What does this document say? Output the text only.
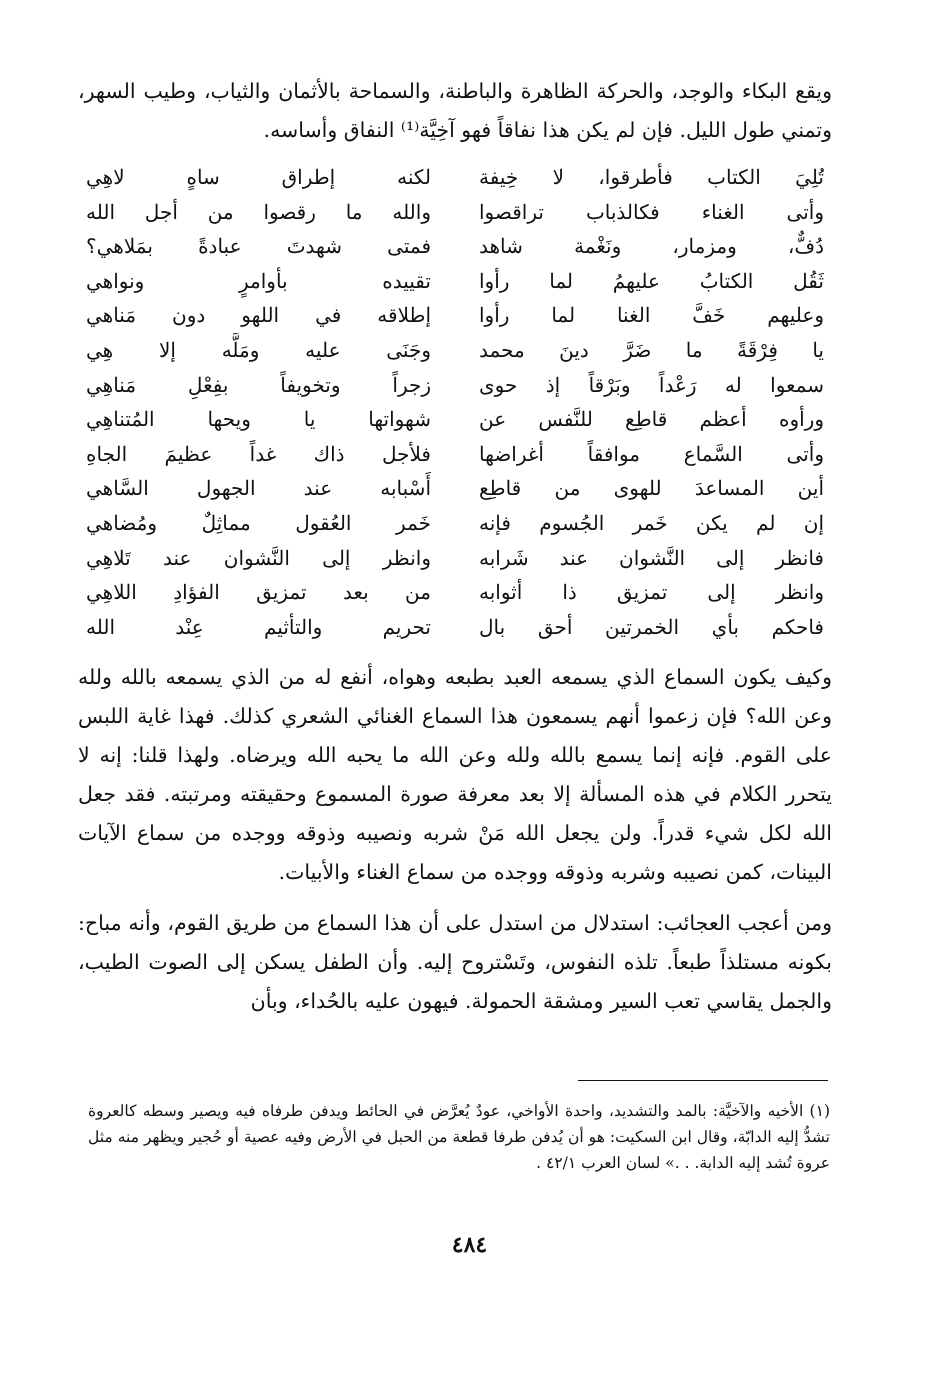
ويقع البكاء والوجد، والحركة الظاهرة والباطنة، والسماحة بالأثمان والثياب، وطيب السهر، وتمني طول الليل. فإن لم يكن هذا نفاقاً فهو آخِيَّة⁽¹⁾ النفاق وأساسه.

تُلِيَ الكتاب فأطرقوا، لا خِيفة
وأتى الغناء فكالذباب تراقصوا
دُفٌّ، ومزمار، ونَغْمة شاهد
ثَقُل الكتابُ عليهمُ لما رأوا
وعليهم خَفَّ الغنا لما رأوا
يا فِرْقَةً ما ضَرَّ دينَ محمد
سمعوا له رَعْداً وبَرْقاً إذ حوى
ورأوه أعظم قاطِع للنَّفس عن
وأتى السَّماع موافقاً أغراضها
أين المساعدَ للهوى من قاطِع
إن لم يكن خَمر الجُسوم فإنه
فانظر إلى النَّشوان عند شَرابه
وانظر إلى تمزيق ذا أثوابه
فاحكم بأي الخمرتين أحق بال
لكنه إطراق ساهٍ لاهِي
والله ما رقصوا من أجل الله
فمتى شهدتَ عبادةً بمَلاهي؟
تقييده بأوامرٍ ونواهي
إطلاقه في اللهو دون مَناهي
وجَنَى عليه ومَلَّه إلا هِي
زجراً وتخويفاً بفِعْلِ مَناهِي
شهواتها يا ويحها المُتناهِي
فلأجل ذاك غداً عظيمَ الجاهِ
أَسْبابه عند الجهول السَّاهي
خَمر العُقول مماثِلٌ ومُضاهي
وانظر إلى النَّشوان عند تَلاهِي
من بعد تمزيق الفؤادِ اللاهِي
تحريم والتأثيم عِنْد الله

وكيف يكون السماع الذي يسمعه العبد بطبعه وهواه، أنفع له من الذي يسمعه بالله ولله وعن الله؟ فإن زعموا أنهم يسمعون هذا السماع الغنائي الشعري كذلك. فهذا غاية اللبس على القوم. فإنه إنما يسمع بالله ولله وعن الله ما يحبه الله ويرضاه. ولهذا قلنا: إنه لا يتحرر الكلام في هذه المسألة إلا بعد معرفة صورة المسموع وحقيقته ومرتبته. فقد جعل الله لكل شيء قدراً. ولن يجعل الله مَنْ شربه ونصيبه وذوقه ووجده من سماع الآيات البينات، كمن نصيبه وشربه وذوقه ووجده من سماع الغناء والأبيات.

ومن أعجب العجائب: استدلال من استدل على أن هذا السماع من طريق القوم، وأنه مباح: بكونه مستلذاً طبعاً. تلذه النفوس، وتَسْتروح إليه. وأن الطفل يسكن إلى الصوت الطيب، والجمل يقاسي تعب السير ومشقة الحمولة. فيهون عليه بالحُداء، وبأن

(١) الأخيه والآخيَّة: بالمد والتشديد، واحدة الأواخي، عودٌ يُعرَّض في الحائط ويدفن طرفاه فيه ويصير وسطه كالعروة تشدُّ إليه الدابّة، وقال ابن السكيت: هو أن يُدفن طرفا قطعة من الحبل في الأرض وفيه عصية أو حُجير ويظهر منه مثل عروة تُشد إليه الدابة. . .» لسان العرب ٤٢/١ .
٤٨٤
